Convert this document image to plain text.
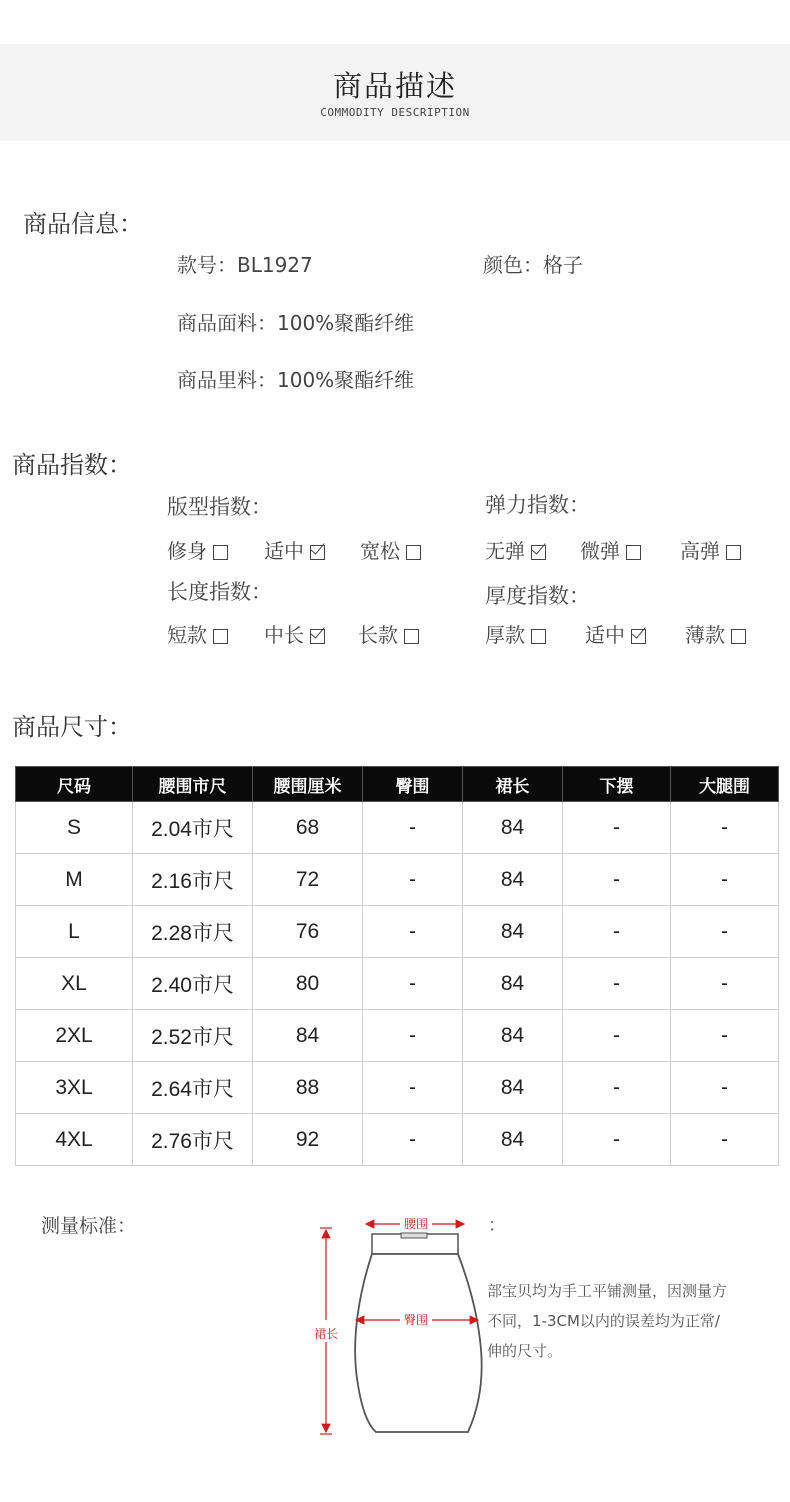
商品描述
COMMODITY DESCRIPTION
商品信息：
款号：BL1927	颜色：格子
商品面料：100%聚酯纤维
商品里料：100%聚酯纤维
商品指数：
版型指数：	弹力指数：
修身	适中	宽松	无弹	微弹	高弹
长度指数：	厚度指数：
短款	中长	长款	厚款	适中	薄款
商品尺寸：
尺码	腰围市尺	腰围厘米	臀围	裙长	下摆	大腿围
S	2.04市尺	68	-	84	-	-
M	2.16市尺	72	-	84	-	-
L	2.28市尺	76	-	84	-	-
XL	2.40市尺	80	-	84	-	-
2XL	2.52市尺	84	-	84	-	-
3XL	2.64市尺	88	-	84	-	-
4XL	2.76市尺	92	-	84	-	-
测量标准：	腰围
臀围
裙长
：
部宝贝均为手工平铺测量，因测量方
不同，1-3CM以内的误差均为正常/
伸的尺寸。
